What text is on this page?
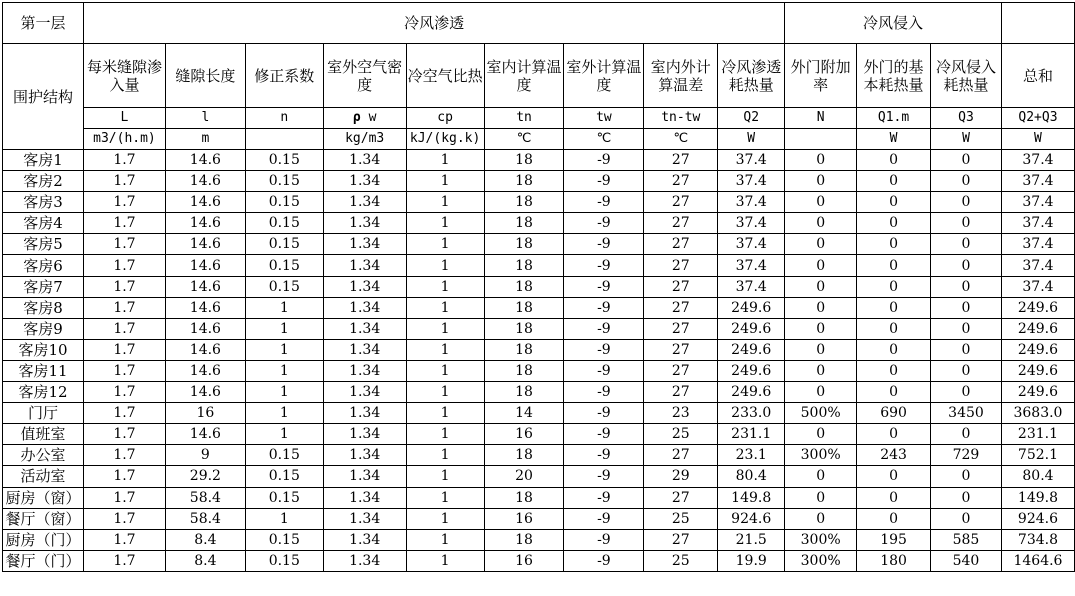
第一层	冷风渗透									冷风侵入			
围护结构	每米缝隙渗入量	缝隙长度	修正系数	室外空气密度	冷空气比热	室内计算温度	室外计算温度	室内外计算温差	冷风渗透耗热量	外门附加率	外门的基本耗热量	冷风侵入耗热量	总和
	L	l	n	ρ w	cp	tn	tw	tn-tw	Q2	N	Q1.m	Q3	Q2+Q3
	m3/(h.m)	m		kg/m3	kJ/(kg.k)	℃	℃	℃	W		W	W	W
客房1	1.7	14.6	0.15	1.34	1	18	-9	27	37.4	0	0	0	37.4
客房2	1.7	14.6	0.15	1.34	1	18	-9	27	37.4	0	0	0	37.4
客房3	1.7	14.6	0.15	1.34	1	18	-9	27	37.4	0	0	0	37.4
客房4	1.7	14.6	0.15	1.34	1	18	-9	27	37.4	0	0	0	37.4
客房5	1.7	14.6	0.15	1.34	1	18	-9	27	37.4	0	0	0	37.4
客房6	1.7	14.6	0.15	1.34	1	18	-9	27	37.4	0	0	0	37.4
客房7	1.7	14.6	0.15	1.34	1	18	-9	27	37.4	0	0	0	37.4
客房8	1.7	14.6	1	1.34	1	18	-9	27	249.6	0	0	0	249.6
客房9	1.7	14.6	1	1.34	1	18	-9	27	249.6	0	0	0	249.6
客房10	1.7	14.6	1	1.34	1	18	-9	27	249.6	0	0	0	249.6
客房11	1.7	14.6	1	1.34	1	18	-9	27	249.6	0	0	0	249.6
客房12	1.7	14.6	1	1.34	1	18	-9	27	249.6	0	0	0	249.6
门厅	1.7	16	1	1.34	1	14	-9	23	233.0	500%	690	3450	3683.0
值班室	1.7	14.6	1	1.34	1	16	-9	25	231.1	0	0	0	231.1
办公室	1.7	9	0.15	1.34	1	18	-9	27	23.1	300%	243	729	752.1
活动室	1.7	29.2	0.15	1.34	1	20	-9	29	80.4	0	0	0	80.4
厨房（窗）	1.7	58.4	0.15	1.34	1	18	-9	27	149.8	0	0	0	149.8
餐厅（窗）	1.7	58.4	1	1.34	1	16	-9	25	924.6	0	0	0	924.6
厨房（门）	1.7	8.4	0.15	1.34	1	18	-9	27	21.5	300%	195	585	734.8
餐厅（门）	1.7	8.4	0.15	1.34	1	16	-9	25	19.9	300%	180	540	1464.6
